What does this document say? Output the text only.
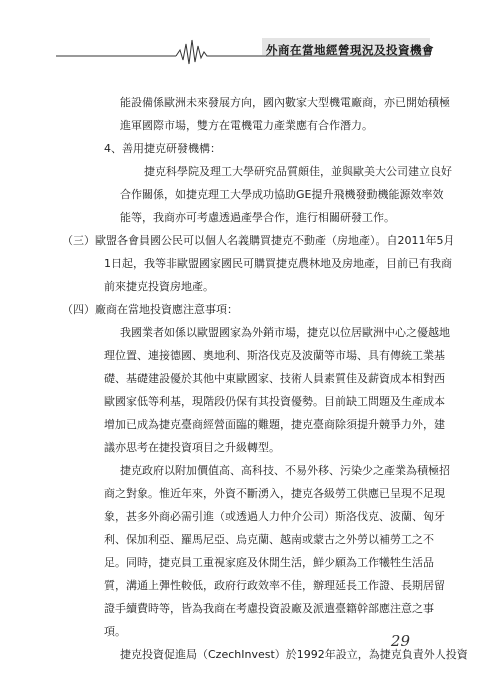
外商在當地經營現況及投資機會
能設備係歐洲未來發展方向，國內數家大型機電廠商，亦已開始積極
進軍國際市場，雙方在電機電力產業應有合作潛力。
4、善用捷克研發機構：
捷克科學院及理工大學研究品質頗佳，並與歐美大公司建立良好
合作關係，如捷克理工大學成功協助GE提升飛機發動機能源效率效
能等，我商亦可考慮透過產學合作，進行相關研發工作。
（三）歐盟各會員國公民可以個人名義購買捷克不動產（房地產）。自2011年5月
1日起，我等非歐盟國家國民可購買捷克農林地及房地產，目前已有我商
前來捷克投資房地產。
（四）廠商在當地投資應注意事項：
我國業者如係以歐盟國家為外銷市場，捷克以位居歐洲中心之優越地
理位置、連接德國、奧地利、斯洛伐克及波蘭等市場、具有傳統工業基
礎、基礎建設優於其他中東歐國家、技術人員素質佳及薪資成本相對西
歐國家低等利基，現階段仍保有其投資優勢。目前缺工問題及生產成本
增加已成為捷克臺商經營面臨的難題，捷克臺商除須提升競爭力外，建
議亦思考在捷投資項目之升級轉型。
捷克政府以附加價值高、高科技、不易外移、污染少之產業為積極招
商之對象。惟近年來，外資不斷湧入，捷克各級勞工供應已呈現不足現
象，甚多外商必需引進（或透過人力仲介公司）斯洛伐克、波蘭、匈牙
利、保加利亞、羅馬尼亞、烏克蘭、越南或蒙古之外勞以補勞工之不
足。同時，捷克員工重視家庭及休閒生活，鮮少願為工作犧牲生活品
質，溝通上彈性較低，政府行政效率不佳，辦理延長工作證、長期居留
證手續費時等，皆為我商在考慮投資設廠及派遣臺籍幹部應注意之事
項。
捷克投資促進局（CzechInvest）於1992年設立，為捷克負責外人投資
29
